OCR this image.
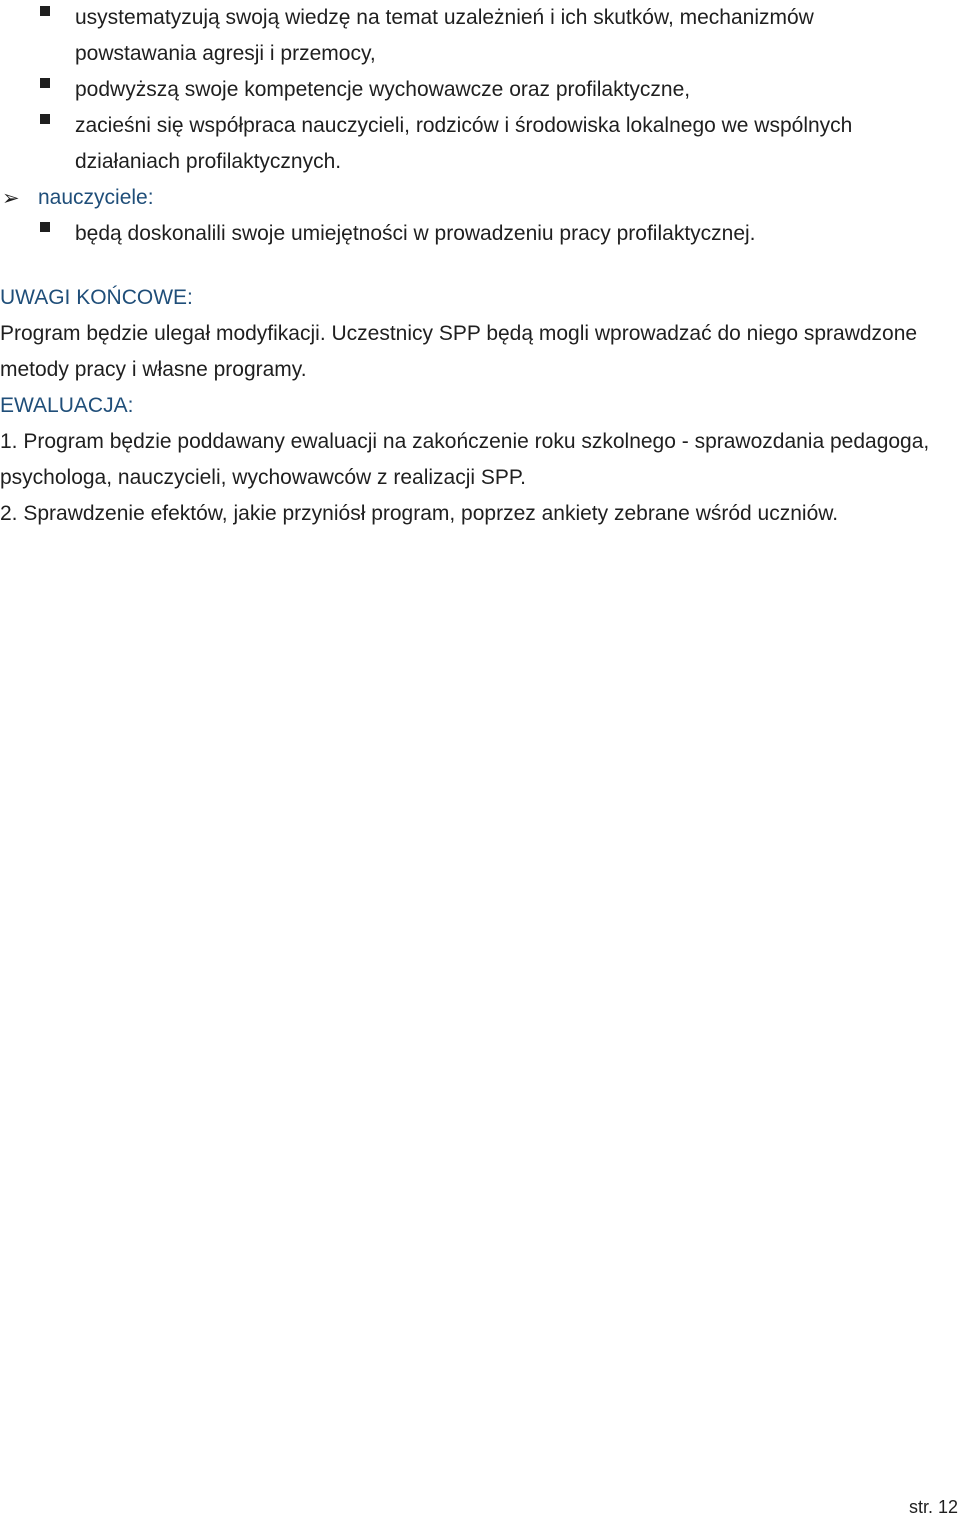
usystematyzują swoją wiedzę na temat uzależnień i ich skutków, mechanizmów powstawania agresji i przemocy,
podwyższą swoje kompetencje wychowawcze oraz profilaktyczne,
zacieśni się współpraca nauczycieli, rodziców i środowiska lokalnego we wspólnych działaniach profilaktycznych.
➢ nauczyciele:
będą doskonalili swoje umiejętności w prowadzeniu pracy profilaktycznej.
UWAGI KOŃCOWE:
Program będzie ulegał modyfikacji. Uczestnicy SPP będą mogli wprowadzać do niego sprawdzone metody pracy i własne programy.
EWALUACJA:
1. Program będzie poddawany ewaluacji na zakończenie roku szkolnego - sprawozdania pedagoga, psychologa, nauczycieli, wychowawców z realizacji SPP.
2. Sprawdzenie efektów, jakie przyniósł program, poprzez ankiety zebrane wśród uczniów.
str. 12
